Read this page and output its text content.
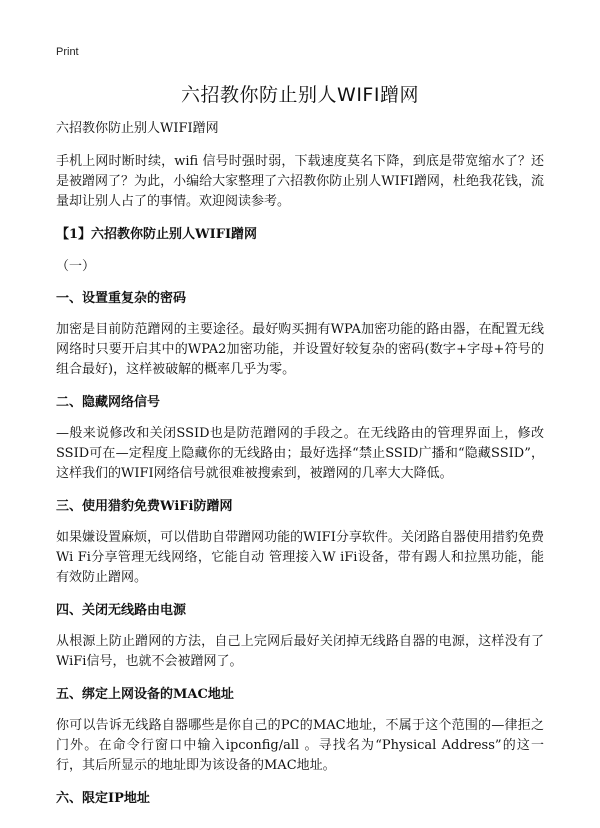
Print
六招教你防止别人WIFI蹭网
六招教你防止别人WIFI蹭网

手机上网时断时续，wifi 信号时强时弱，下载速度莫名下降，到底是带宽缩水了？还是被蹭网了？为此，小编给大家整理了六招教你防止别人WIFI蹭网，杜绝我花钱，流量却让别人占了的事情。欢迎阅读参考。

【1】六招教你防止别人WIFI蹭网
（一）
一、设置重复杂的密码

加密是目前防范蹭网的主要途径。最好购买拥有WPA加密功能的路由器，在配置无线网络时只要开启其中的WPA2加密功能，并设置好较复杂的密码(数字+字母+符号的组合最好)，这样被破解的概率几乎为零。

二、隐藏网络信号

—般来说修改和关闭SSID也是防范蹭网的手段之。在无线路由的管理界面上，修改SSID可在—定程度上隐藏你的无线路由；最好选择“禁止SSID广播和“隐藏SSID”，这样我们的WIFI网络信号就很难被搜索到，被蹭网的几率大大降低。

三、使用猎豹免费WiFi防蹭网

如果嫌设置麻烦，可以借助自带蹭网功能的WIFI分享软件。关闭路自器使用措豹免费Wi Fi分享管理无线网络，它能自动 管理接入W iFi设备，带有踢人和拉黑功能，能有效防止蹭网。

四、关闭无线路由电源

从根源上防止蹭网的方法，自己上完网后最好关闭掉无线路自器的电源，这样没有了WiFi信号，也就不会被蹭网了。

五、绑定上网设备的MAC地址

你可以告诉无线路自器哪些是你自己的PC的MAC地址，不属于这个范围的—律拒之门外。在命令行窗口中输入ipconfig/all 。寻找名为“Physical Address”的这一行，其后所显示的地址即为该设备的MAC地址。

六、限定IP地址
